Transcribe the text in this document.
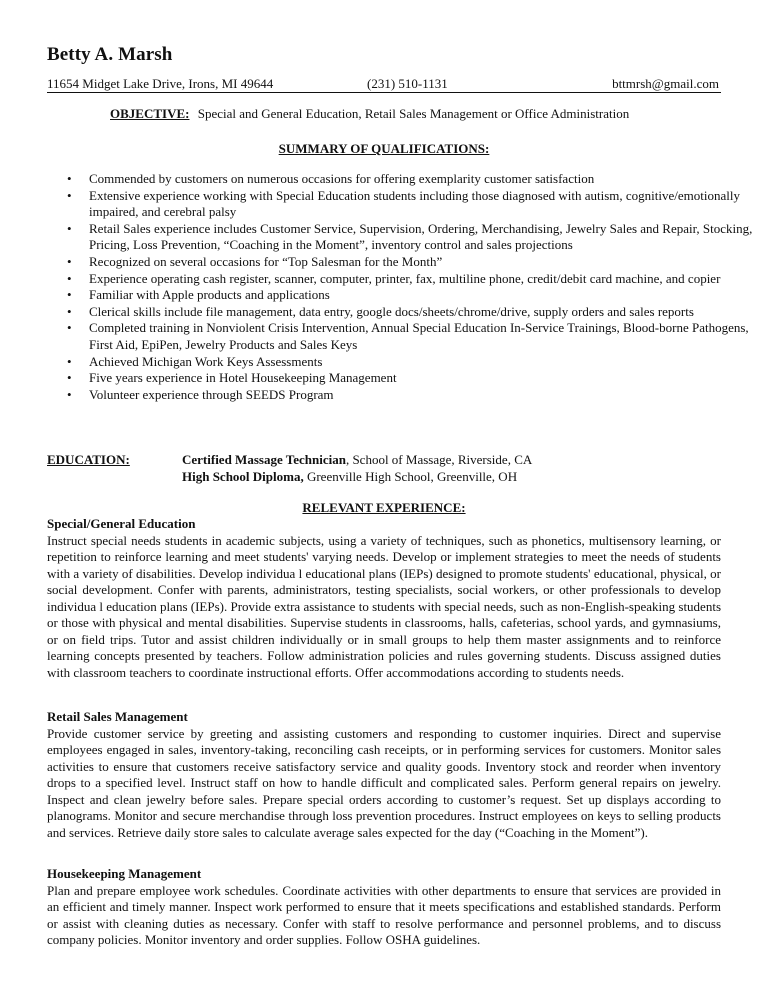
Betty A. Marsh
11654 Midget Lake Drive, Irons, MI 49644	(231) 510-1131	bttmrsh@gmail.com
OBJECTIVE: Special and General Education, Retail Sales Management or Office Administration
SUMMARY OF QUALIFICATIONS:
• Commended by customers on numerous occasions for offering exemplarity customer satisfaction
• Extensive experience working with Special Education students including those diagnosed with autism, cognitive/emotionally impaired, and cerebral palsy
• Retail Sales experience includes Customer Service, Supervision, Ordering, Merchandising, Jewelry Sales and Repair, Stocking, Pricing, Loss Prevention, “Coaching in the Moment”, inventory control and sales projections
• Recognized on several occasions for “Top Salesman for the Month”
• Experience operating cash register, scanner, computer, printer, fax, multiline phone, credit/debit card machine, and copier
• Familiar with Apple products and applications
• Clerical skills include file management, data entry, google docs/sheets/chrome/drive, supply orders and sales reports
• Completed training in Nonviolent Crisis Intervention, Annual Special Education In-Service Trainings, Blood-borne Pathogens, First Aid, EpiPen, Jewelry Products and Sales Keys
• Achieved Michigan Work Keys Assessments
• Five years experience in Hotel Housekeeping Management
• Volunteer experience through SEEDS Program
EDUCATION:	Certified Massage Technician, School of Massage, Riverside, CA
High School Diploma, Greenville High School, Greenville, OH
RELEVANT EXPERIENCE:
Special/General Education

Instruct special needs students in academic subjects, using a variety of techniques, such as phonetics, multisensory learning, or repetition to reinforce learning and meet students' varying needs. Develop or implement strategies to meet the needs of students with a variety of disabilities. Develop individua l educational plans (IEPs) designed to promote students' educational, physical, or social development. Confer with parents, administrators, testing specialists, social workers, or other professionals to develop individua l education plans (IEPs). Provide extra assistance to students with special needs, such as non-English-speaking students or those with physical and mental disabilities. Supervise students in classrooms, halls, cafeterias, school yards, and gymnasiums, or on field trips. Tutor and assist children individually or in small groups to help them master assignments and to reinforce learning concepts presented by teachers. Follow administration policies and rules governing students. Discuss assigned duties with classroom teachers to coordinate instructional efforts. Offer accommodations according to students needs.

Retail Sales Management

Provide customer service by greeting and assisting customers and responding to customer inquiries. Direct and supervise employees engaged in sales, inventory-taking, reconciling cash receipts, or in performing services for customers. Monitor sales activities to ensure that customers receive satisfactory service and quality goods. Inventory stock and reorder when inventory drops to a specified level. Instruct staff on how to handle difficult and complicated sales. Perform general repairs on jewelry. Inspect and clean jewelry before sales. Prepare special orders according to customer’s request. Set up displays according to planograms. Monitor and secure merchandise through loss prevention procedures. Instruct employees on keys to selling products and services. Retrieve daily store sales to calculate average sales expected for the day (“Coaching in the Moment”).

Housekeeping Management

Plan and prepare employee work schedules. Coordinate activities with other departments to ensure that services are provided in an efficient and timely manner. Inspect work performed to ensure that it meets specifications and established standards. Perform or assist with cleaning duties as necessary. Confer with staff to resolve performance and personnel problems, and to discuss company policies. Monitor inventory and order supplies. Follow OSHA guidelines.
